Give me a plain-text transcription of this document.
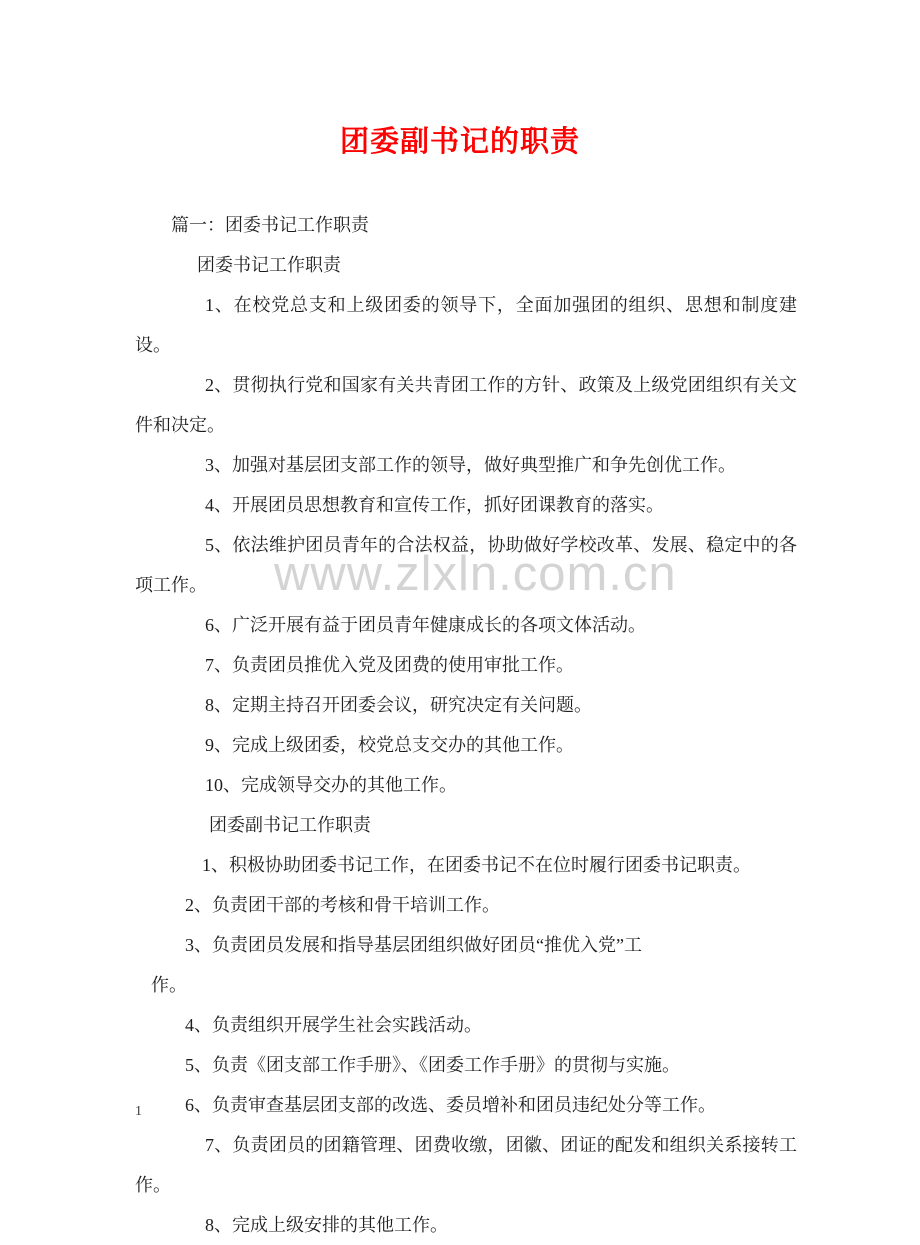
www.zlxln.com.cn
团委副书记的职责

篇一：团委书记工作职责

团委书记工作职责

1、在校党总支和上级团委的领导下，全面加强团的组织、思想和制度建设。

2、贯彻执行党和国家有关共青团工作的方针、政策及上级党团组织有关文件和决定。

3、加强对基层团支部工作的领导，做好典型推广和争先创优工作。

4、开展团员思想教育和宣传工作，抓好团课教育的落实。

5、依法维护团员青年的合法权益，协助做好学校改革、发展、稳定中的各项工作。

6、广泛开展有益于团员青年健康成长的各项文体活动。

7、负责团员推优入党及团费的使用审批工作。

8、定期主持召开团委会议，研究决定有关问题。

9、完成上级团委，校党总支交办的其他工作。

10、完成领导交办的其他工作。

团委副书记工作职责

1、积极协助团委书记工作，在团委书记不在位时履行团委书记职责。

2、负责团干部的考核和骨干培训工作。

3、负责团员发展和指导基层团组织做好团员“推优入党”工

作。

4、负责组织开展学生社会实践活动。

5、负责《团支部工作手册》、《团委工作手册》的贯彻与实施。

6、负责审查基层团支部的改选、委员增补和团员违纪处分等工作。

7、负责团员的团籍管理、团费收缴，团徽、团证的配发和组织关系接转工作。

8、完成上级安排的其他工作。

1
